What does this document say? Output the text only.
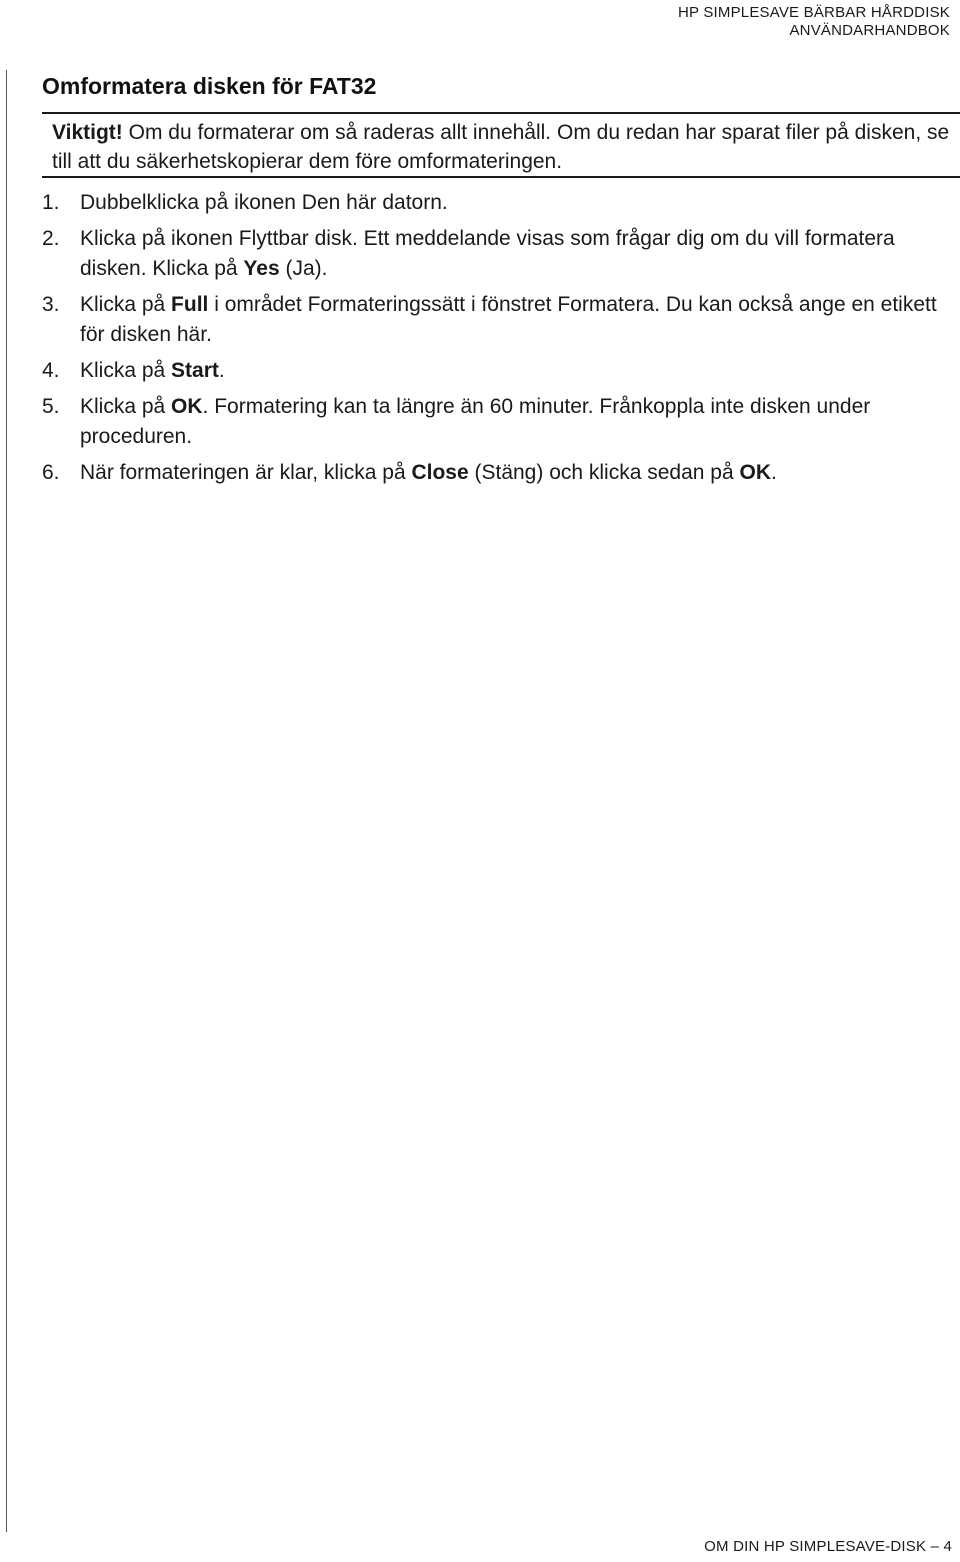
HP SIMPLESAVE BÄRBAR HÅRDDISK
ANVÄNDARHANDBOK
Omformatera disken för FAT32
Viktigt! Om du formaterar om så raderas allt innehåll. Om du redan har sparat filer på disken, se till att du säkerhetskopierar dem före omformateringen.
1. Dubbelklicka på ikonen Den här datorn.
2. Klicka på ikonen Flyttbar disk. Ett meddelande visas som frågar dig om du vill formatera disken. Klicka på Yes (Ja).
3. Klicka på Full i området Formateringssätt i fönstret Formatera. Du kan också ange en etikett för disken här.
4. Klicka på Start.
5. Klicka på OK. Formatering kan ta längre än 60 minuter. Frånkoppla inte disken under proceduren.
6. När formateringen är klar, klicka på Close (Stäng) och klicka sedan på OK.
OM DIN HP SIMPLESAVE-DISK – 4
